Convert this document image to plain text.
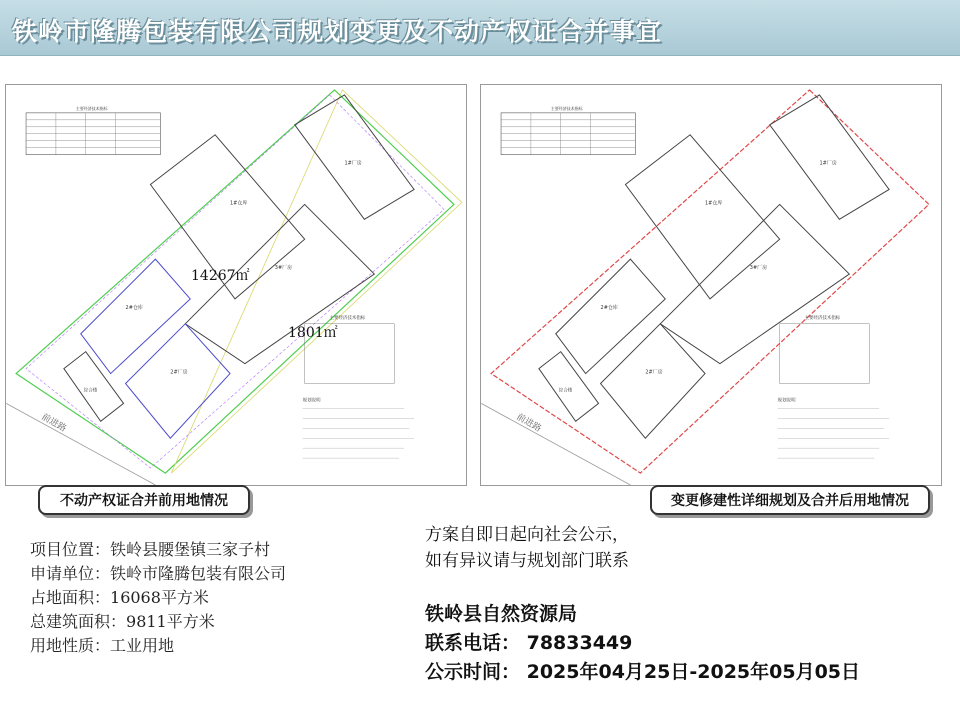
铁岭市隆腾包装有限公司规划变更及不动产权证合并事宜
主要经济技术指标
前进路
1#仓库
2#仓库
2#厂房
1#厂房
3#厂房
综合楼
主要经济技术指标
规划说明
14267㎡
1801㎡
主要经济技术指标
前进路
1#仓库
2#仓库
2#厂房
1#厂房
3#厂房
综合楼
主要经济技术指标
规划说明
不动产权证合并前用地情况	变更修建性详细规划及合并后用地情况
项目位置： 铁岭县腰堡镇三家子村
申请单位： 铁岭市隆腾包装有限公司
占地面积： 16068平方米
总建筑面积： 9811平方米
用地性质： 工业用地
方案自即日起向社会公示，
如有异议请与规划部门联系
铁岭县自然资源局
联系电话： 78833449
公示时间： 2025年04月25日-2025年05月05日
